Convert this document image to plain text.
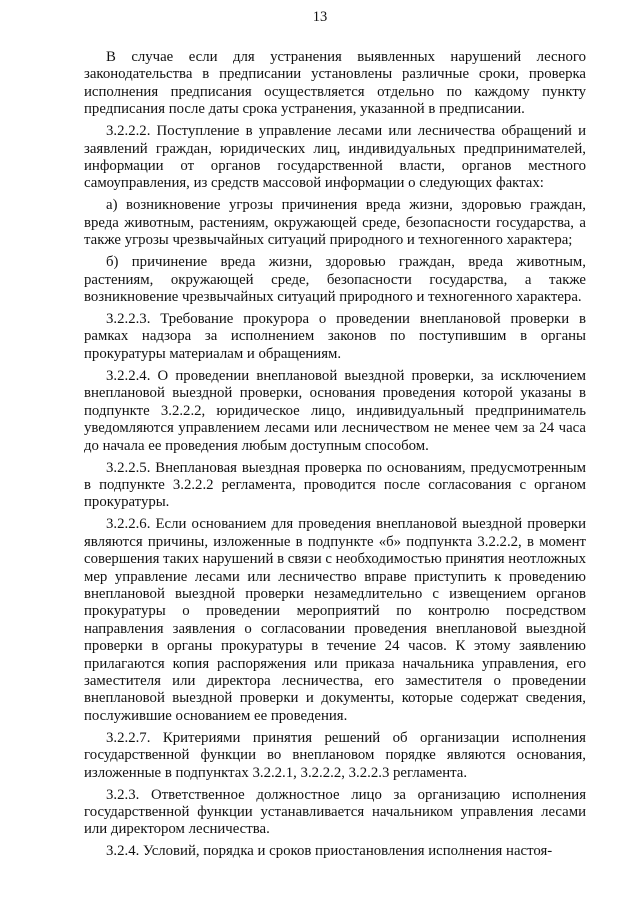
13

В случае если для устранения выявленных нарушений лесного законодательства в предписании установлены различные сроки, проверка исполнения предписания осуществляется отдельно по каждому пункту предписания после даты срока устранения, указанной в предписании.

3.2.2.2. Поступление в управление лесами или лесничества обращений и заявлений граждан, юридических лиц, индивидуальных предпринимателей, информации от органов государственной власти, органов местного самоуправления, из средств массовой информации о следующих фактах:

а) возникновение угрозы причинения вреда жизни, здоровью граждан, вреда животным, растениям, окружающей среде, безопасности государства, а также угрозы чрезвычайных ситуаций природного и техногенного характера;

б) причинение вреда жизни, здоровью граждан, вреда животным, растениям, окружающей среде, безопасности государства, а также возникновение чрезвычайных ситуаций природного и техногенного характера.

3.2.2.3. Требование прокурора о проведении внеплановой проверки в рамках надзора за исполнением законов по поступившим в органы прокуратуры материалам и обращениям.

3.2.2.4. О проведении внеплановой выездной проверки, за исключением внеплановой выездной проверки, основания проведения которой указаны в подпункте 3.2.2.2, юридическое лицо, индивидуальный предприниматель уведомляются управлением лесами или лесничеством не менее чем за 24 часа до начала ее проведения любым доступным способом.

3.2.2.5. Внеплановая выездная проверка по основаниям, предусмотренным в подпункте 3.2.2.2 регламента, проводится после согласования с органом прокуратуры.

3.2.2.6. Если основанием для проведения внеплановой выездной проверки являются причины, изложенные в подпункте «б» подпункта 3.2.2.2, в момент совершения таких нарушений в связи с необходимостью принятия неотложных мер управление лесами или лесничество вправе приступить к проведению внеплановой выездной проверки незамедлительно с извещением органов прокуратуры о проведении мероприятий по контролю посредством направления заявления о согласовании проведения внеплановой выездной проверки в органы прокуратуры в течение 24 часов. К этому заявлению прилагаются копия распоряжения или приказа начальника управления, его заместителя или директора лесничества, его заместителя о проведении внеплановой выездной проверки и документы, которые содержат сведения, послужившие основанием ее проведения.

3.2.2.7. Критериями принятия решений об организации исполнения государственной функции во внеплановом порядке являются основания, изложенные в подпунктах 3.2.2.1, 3.2.2.2, 3.2.2.3 регламента.

3.2.3. Ответственное должностное лицо за организацию исполнения государственной функции устанавливается начальником управления лесами или директором лесничества.

3.2.4. Условий, порядка и сроков приостановления исполнения настоя-
